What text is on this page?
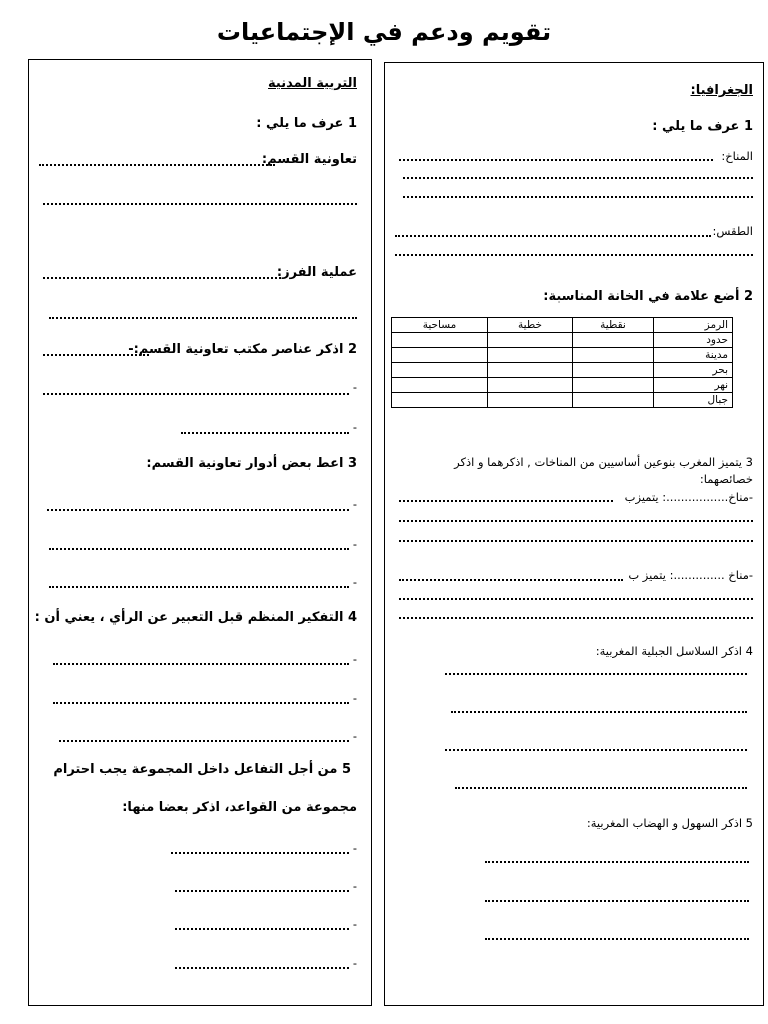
تقويم ودعم في الإجتماعيات
الجغرافيا:
1 عرف ما يلي :
المناخ:
الطقس:
2 أضع علامة في الخانة المناسبة:
الرمز	نقطية	خطية	مساحية
حدود			
مدينة			
بحر			
نهر			
جبال			
3 يتميز المغرب بنوعين أساسيين من المناخات , اذكرهما و اذكر
خصائصهما:
-مناخ.................: يتميزب
-مناخ ..............: يتميز ب
4 اذكر السلاسل الجبلية المغربية:
5 اذكر السهول و الهضاب المغربية:
التربية المدنية
1 عرف ما يلي :
تعاونية القسم:
عملية الفرز:
2 اذكر عناصر مكتب تعاونية القسم:-
-
-
3 اعط بعض أدوار تعاونية القسم:
-
-
-
4 التفكير المنظم قبل التعبير عن الرأي ، يعني أن :
-
-
-
5 من أجل التفاعل داخل المجموعة يجب احترام
مجموعة من القواعد، اذكر بعضا منها:
-
-
-
-
